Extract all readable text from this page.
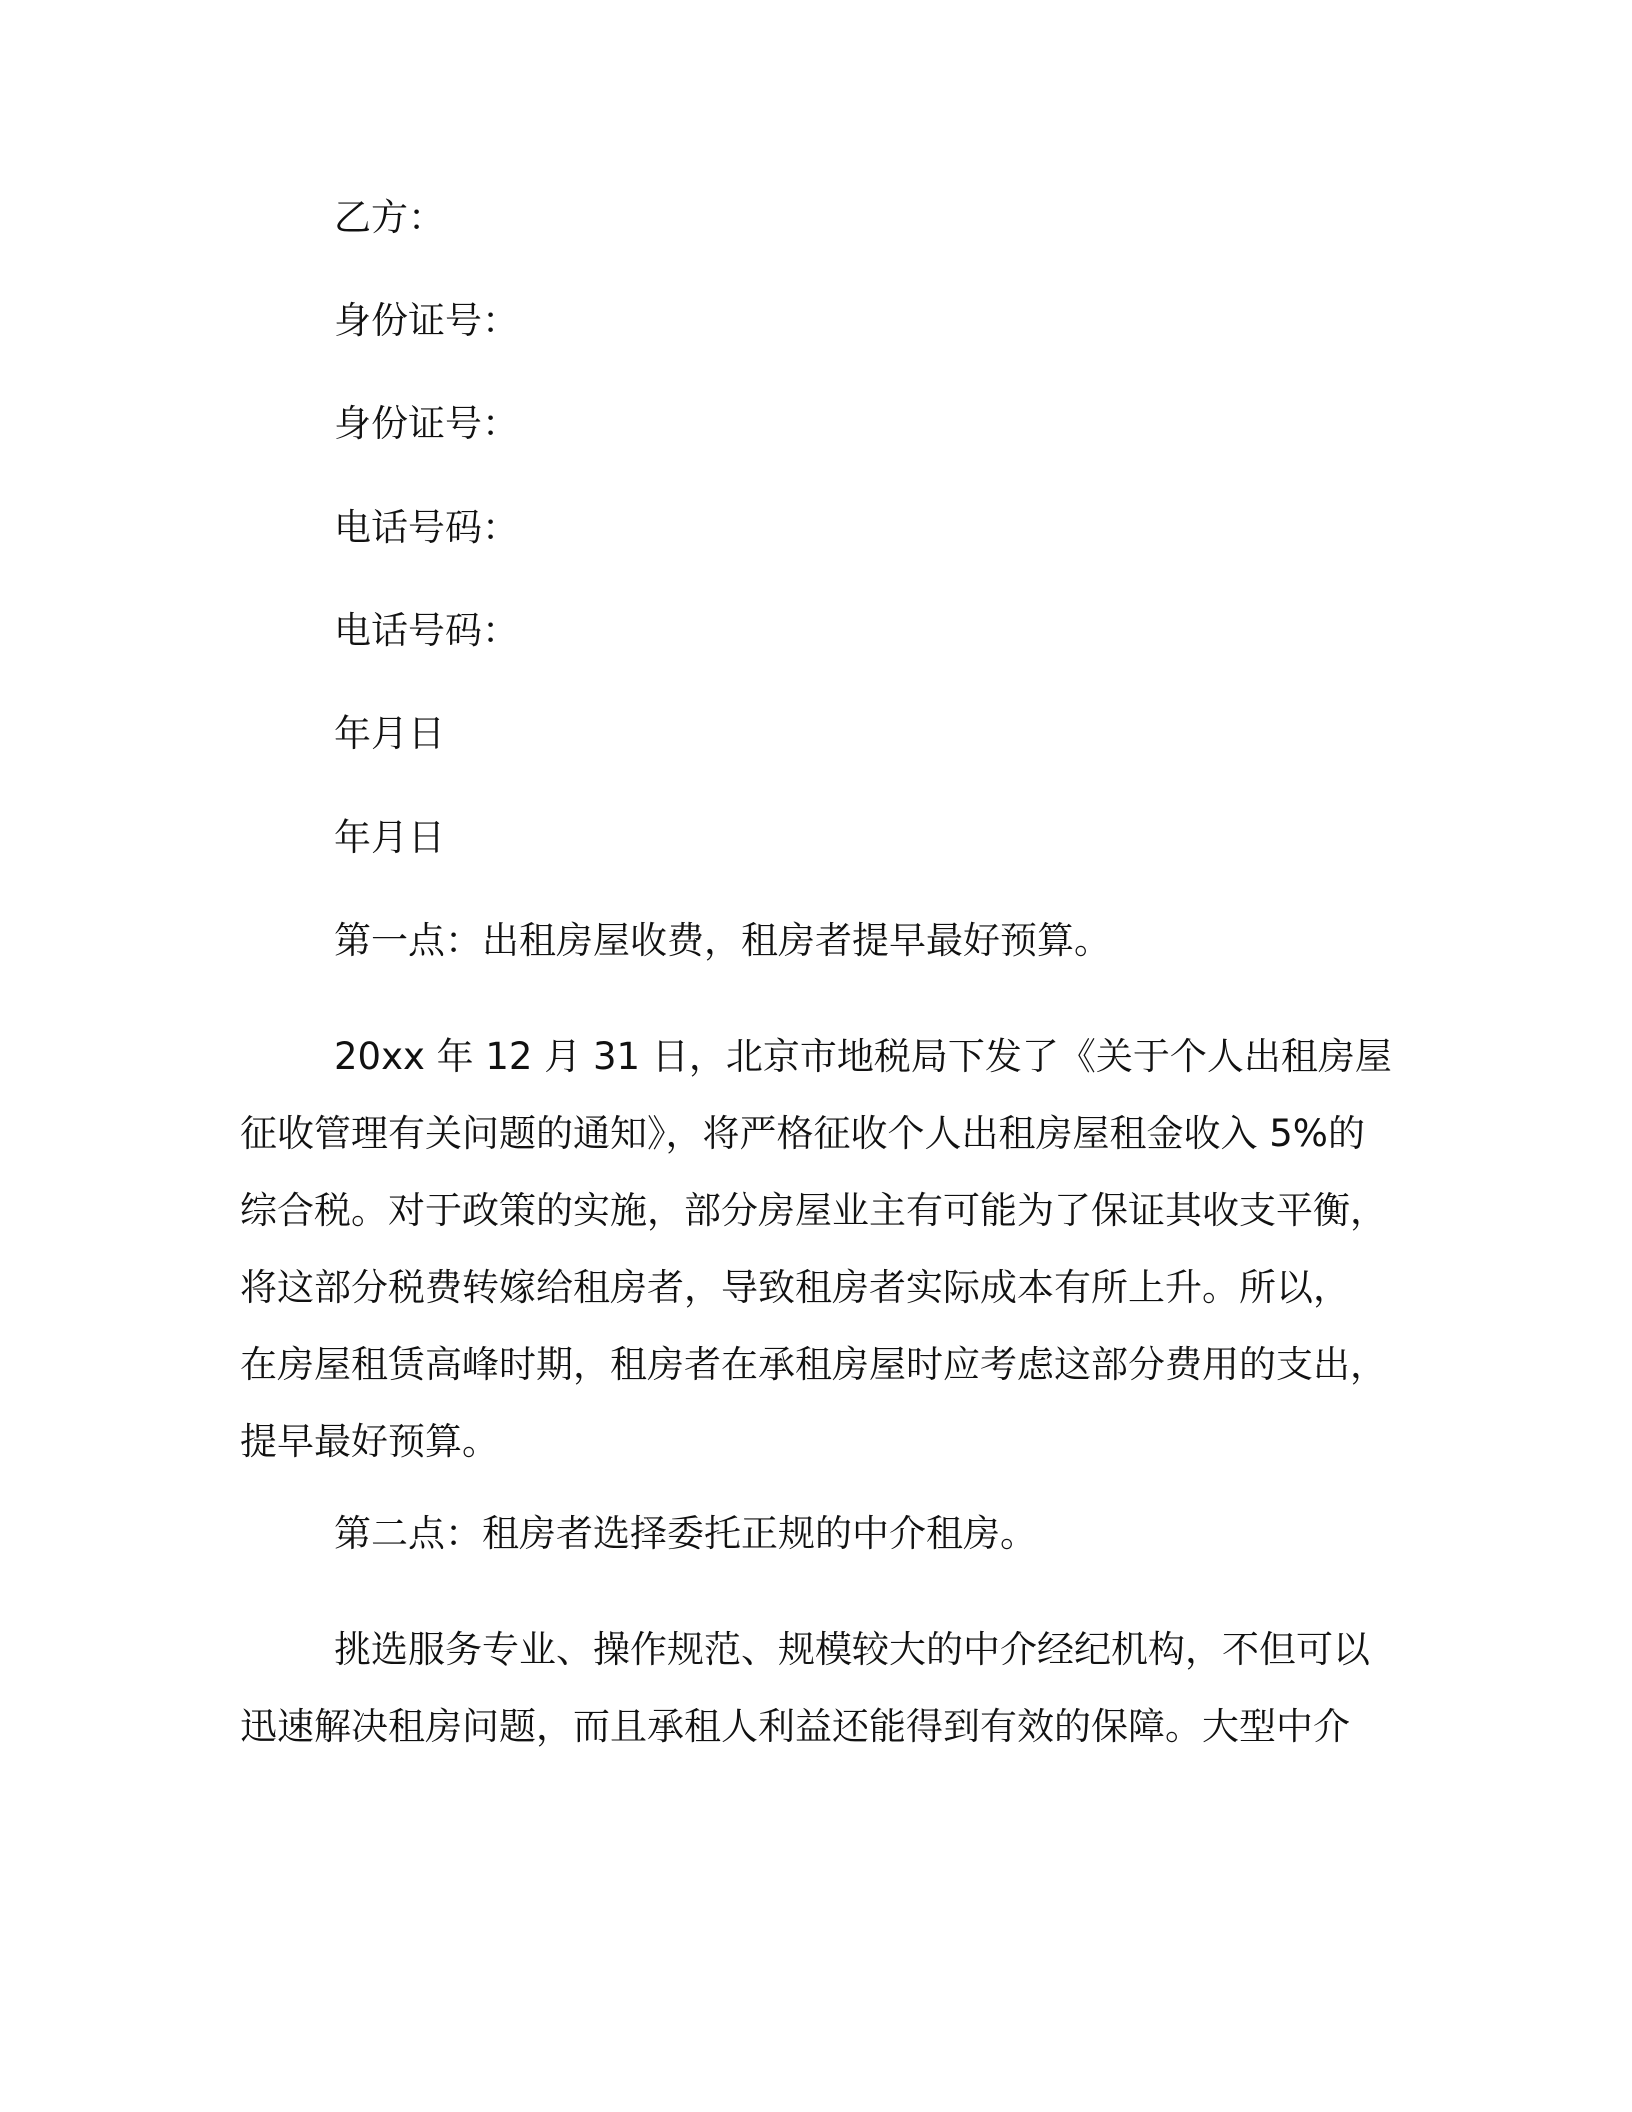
乙方：
身份证号：
身份证号：
电话号码：
电话号码：
年月日
年月日
第一点：出租房屋收费，租房者提早最好预算。
20xx 年 12 月 31 日，北京市地税局下发了《关于个人出租房屋
征收管理有关问题的通知》，将严格征收个人出租房屋租金收入 5%的
综合税。对于政策的实施，部分房屋业主有可能为了保证其收支平衡，
将这部分税费转嫁给租房者，导致租房者实际成本有所上升。所以，
在房屋租赁高峰时期，租房者在承租房屋时应考虑这部分费用的支出，
提早最好预算。
第二点：租房者选择委托正规的中介租房。
挑选服务专业、操作规范、规模较大的中介经纪机构，不但可以
迅速解决租房问题，而且承租人利益还能得到有效的保障。大型中介
